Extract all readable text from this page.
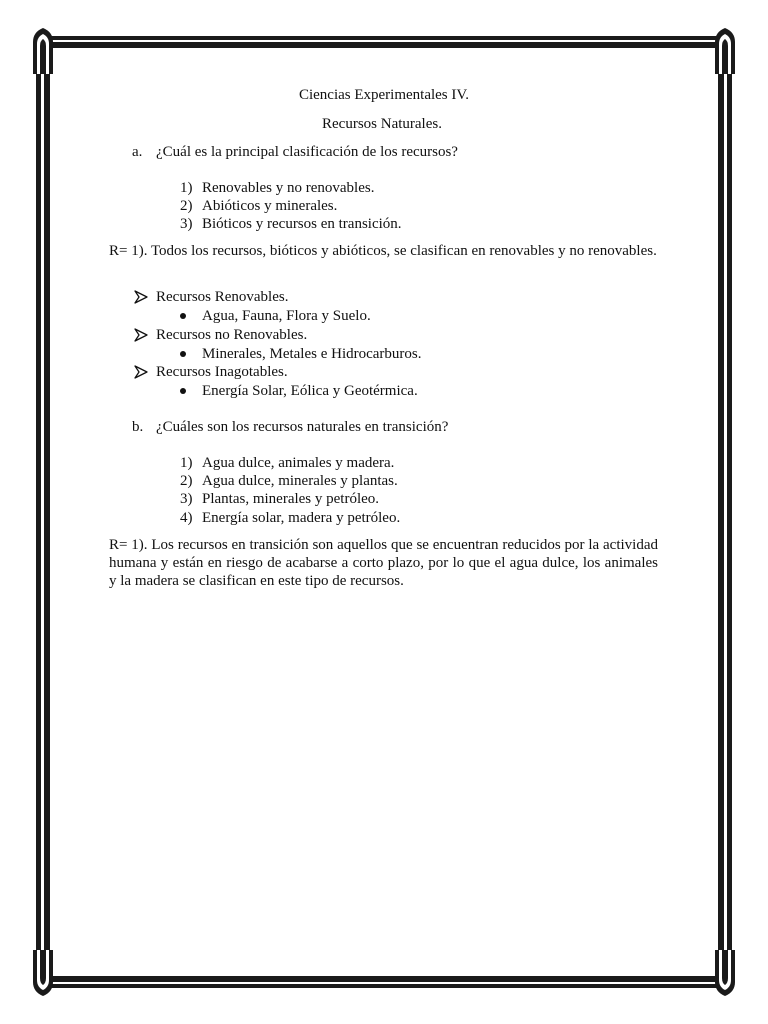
Ciencias Experimentales IV.
Recursos Naturales.
a. ¿Cuál es la principal clasificación de los recursos?
1) Renovables y no renovables.
2) Abióticos y minerales.
3) Bióticos y recursos en transición.
R= 1). Todos los recursos, bióticos y abióticos, se clasifican en renovables y no renovables.
Recursos Renovables.
Agua, Fauna, Flora y Suelo.
Recursos no Renovables.
Minerales, Metales e Hidrocarburos.
Recursos Inagotables.
Energía Solar, Eólica y Geotérmica.
b. ¿Cuáles son los recursos naturales en transición?
1) Agua dulce, animales y madera.
2) Agua dulce, minerales y plantas.
3) Plantas, minerales y petróleo.
4) Energía solar, madera y petróleo.
R= 1). Los recursos en transición son aquellos que se encuentran reducidos por la actividad humana y están en riesgo de acabarse a corto plazo, por lo que el agua dulce, los animales y la madera se clasifican en este tipo de recursos.
